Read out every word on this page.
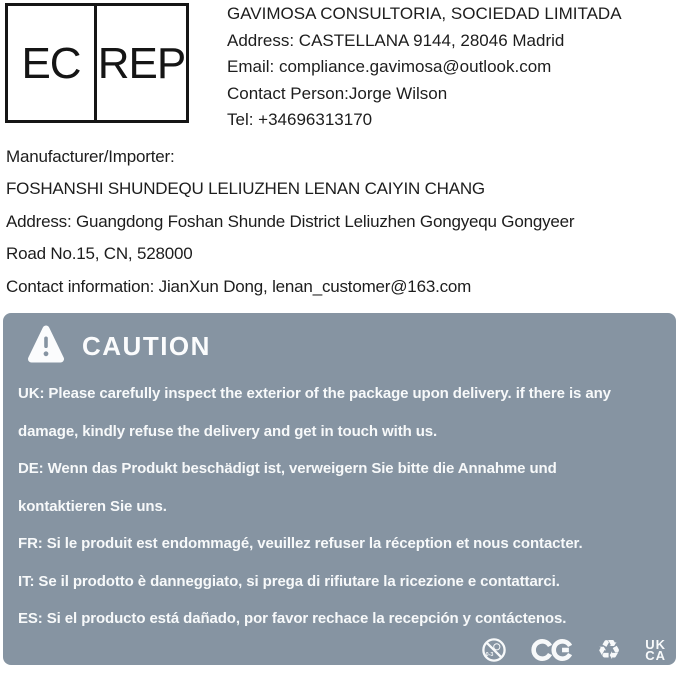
EC REP
GAVIMOSA CONSULTORIA, SOCIEDAD LIMITADA
Address: CASTELLANA 9144, 28046 Madrid
Email: compliance.gavimosa@outlook.com
Contact Person:Jorge Wilson
Tel: +34696313170
Manufacturer/Importer:
FOSHANSHI SHUNDEQU LELIUZHEN LENAN CAIYIN CHANG
Address: Guangdong Foshan Shunde District Leliuzhen Gongyequ Gongyeer
Road No.15, CN, 528000
Contact information: JianXun Dong, lenan_customer@163.com
CAUTION
UK: Please carefully inspect the exterior of the package upon delivery. if there is any
damage, kindly refuse the delivery and get in touch with us.
DE: Wenn das Produkt beschädigt ist, verweigern Sie bitte die Annahme und
kontaktieren Sie uns.
FR: Si le produit est endommagé, veuillez refuser la réception et nous contacter.
IT: Se il prodotto è danneggiato, si prega di rifiutare la ricezione e contattarci.
ES: Si el producto está dañado, por favor rechace la recepción y contáctenos.
0-3	♻ UK
CA
